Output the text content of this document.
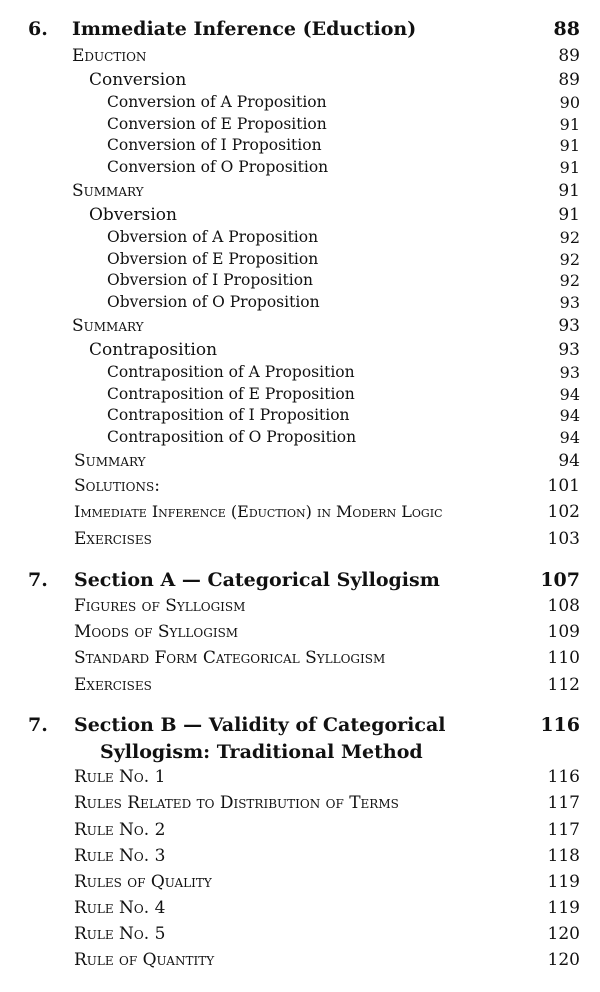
6. Immediate Inference (Eduction)	88
Eduction	89
Conversion	89
Conversion of A Proposition	90
Conversion of E Proposition	91
Conversion of I Proposition	91
Conversion of O Proposition	91
Summary	91
Obversion	91
Obversion of A Proposition	92
Obversion of E Proposition	92
Obversion of I Proposition	92
Obversion of O Proposition	93
Summary	93
Contraposition	93
Contraposition of A Proposition	93
Contraposition of E Proposition	94
Contraposition of I Proposition	94
Contraposition of O Proposition	94
Summary	94
Solutions:	101
Immediate Inference (Eduction) in Modern Logic	102
Exercises	103
7. Section A — Categorical Syllogism	107
Figures of Syllogism	108
Moods of Syllogism	109
Standard Form Categorical Syllogism	110
Exercises	112
7. Section B — Validity of Categorical	116
Syllogism: Traditional Method
Rule No. 1	116
Rules Related to Distribution of Terms	117
Rule No. 2	117
Rule No. 3	118
Rules of Quality	119
Rule No. 4	119
Rule No. 5	120
Rule of Quantity	120
